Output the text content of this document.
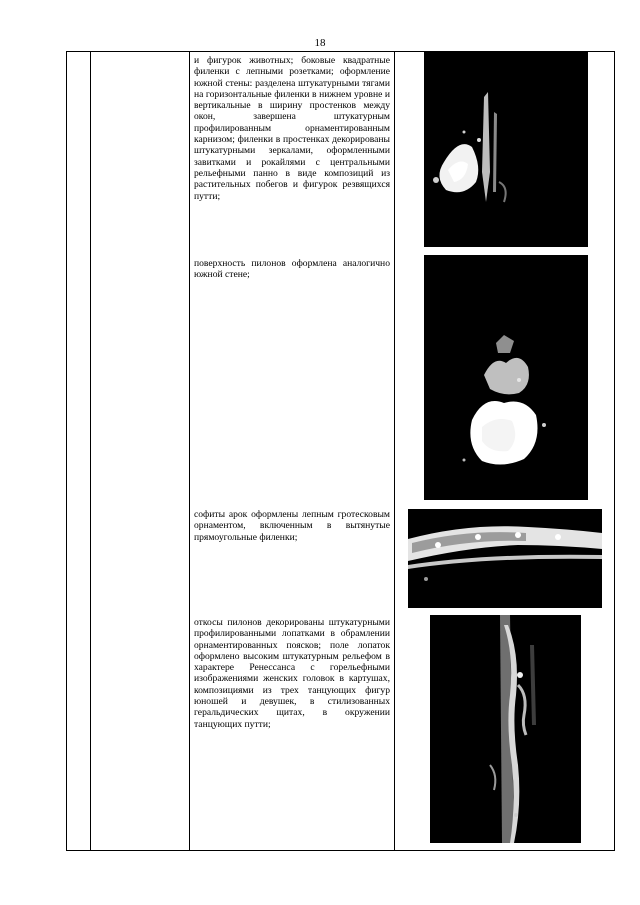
18
и фигурок животных; боковые квадратные филенки с лепными розетками; оформление южной стены: разделена штукатурными тягами на горизонтальные филенки в нижнем уровне и вертикальные в ширину простенков между окон, завершена штукатурным профилированным орнаментированным карнизом; филенки в простенках декорированы штукатурными зеркалами, оформленными завитками и рокайлями с центральными рельефными панно в виде композиций из растительных побегов и фигурок резвящихся путти;
поверхность пилонов оформлена аналогично южной стене;
софиты арок оформлены лепным гротесковым орнаментом, включенным в вытянутые прямоугольные филенки;
откосы пилонов декорированы штукатурными профилированными лопатками в обрамлении орнаментированных поясков; поле лопаток оформлено высоким штукатурным рельефом в характере Ренессанса с горельефными изображениями женских головок в картушах, композициями из трех танцующих фигур юношей и девушек, в стилизованных геральдических щитах, в окружении танцующих путти;
